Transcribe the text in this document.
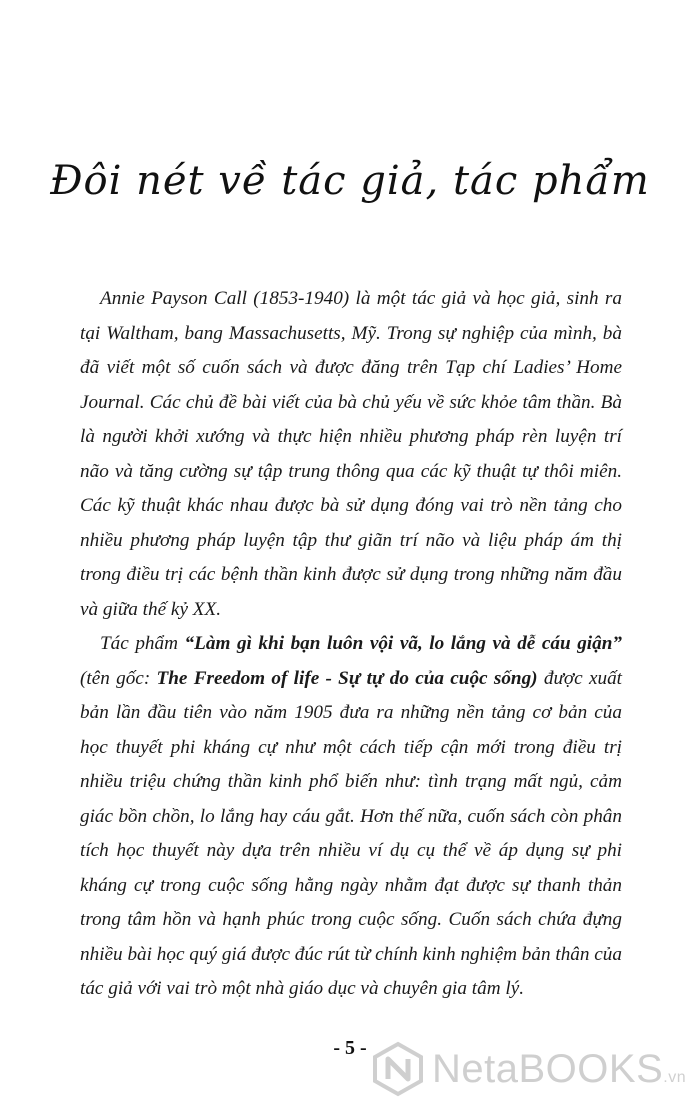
Đôi nét về tác giả, tác phẩm

Annie Payson Call (1853-1940) là một tác giả và học giả, sinh ra tại Waltham, bang Massachusetts, Mỹ. Trong sự nghiệp của mình, bà đã viết một số cuốn sách và được đăng trên Tạp chí Ladies’ Home Journal. Các chủ đề bài viết của bà chủ yếu về sức khỏe tâm thần. Bà là người khởi xướng và thực hiện nhiều phương pháp rèn luyện trí não và tăng cường sự tập trung thông qua các kỹ thuật tự thôi miên. Các kỹ thuật khác nhau được bà sử dụng đóng vai trò nền tảng cho nhiều phương pháp luyện tập thư giãn trí não và liệu pháp ám thị trong điều trị các bệnh thần kinh được sử dụng trong những năm đầu và giữa thế kỷ XX.

Tác phẩm “Làm gì khi bạn luôn vội vã, lo lắng và dễ cáu giận” (tên gốc: The Freedom of life - Sự tự do của cuộc sống) được xuất bản lần đầu tiên vào năm 1905 đưa ra những nền tảng cơ bản của học thuyết phi kháng cự như một cách tiếp cận mới trong điều trị nhiều triệu chứng thần kinh phổ biến như: tình trạng mất ngủ, cảm giác bồn chồn, lo lắng hay cáu gắt. Hơn thế nữa, cuốn sách còn phân tích học thuyết này dựa trên nhiều ví dụ cụ thể về áp dụng sự phi kháng cự trong cuộc sống hằng ngày nhằm đạt được sự thanh thản trong tâm hồn và hạnh phúc trong cuộc sống. Cuốn sách chứa đựng nhiều bài học quý giá được đúc rút từ chính kinh nghiệm bản thân của tác giả với vai trò một nhà giáo dục và chuyên gia tâm lý.

- 5 -	NetaBOOKS.vn
